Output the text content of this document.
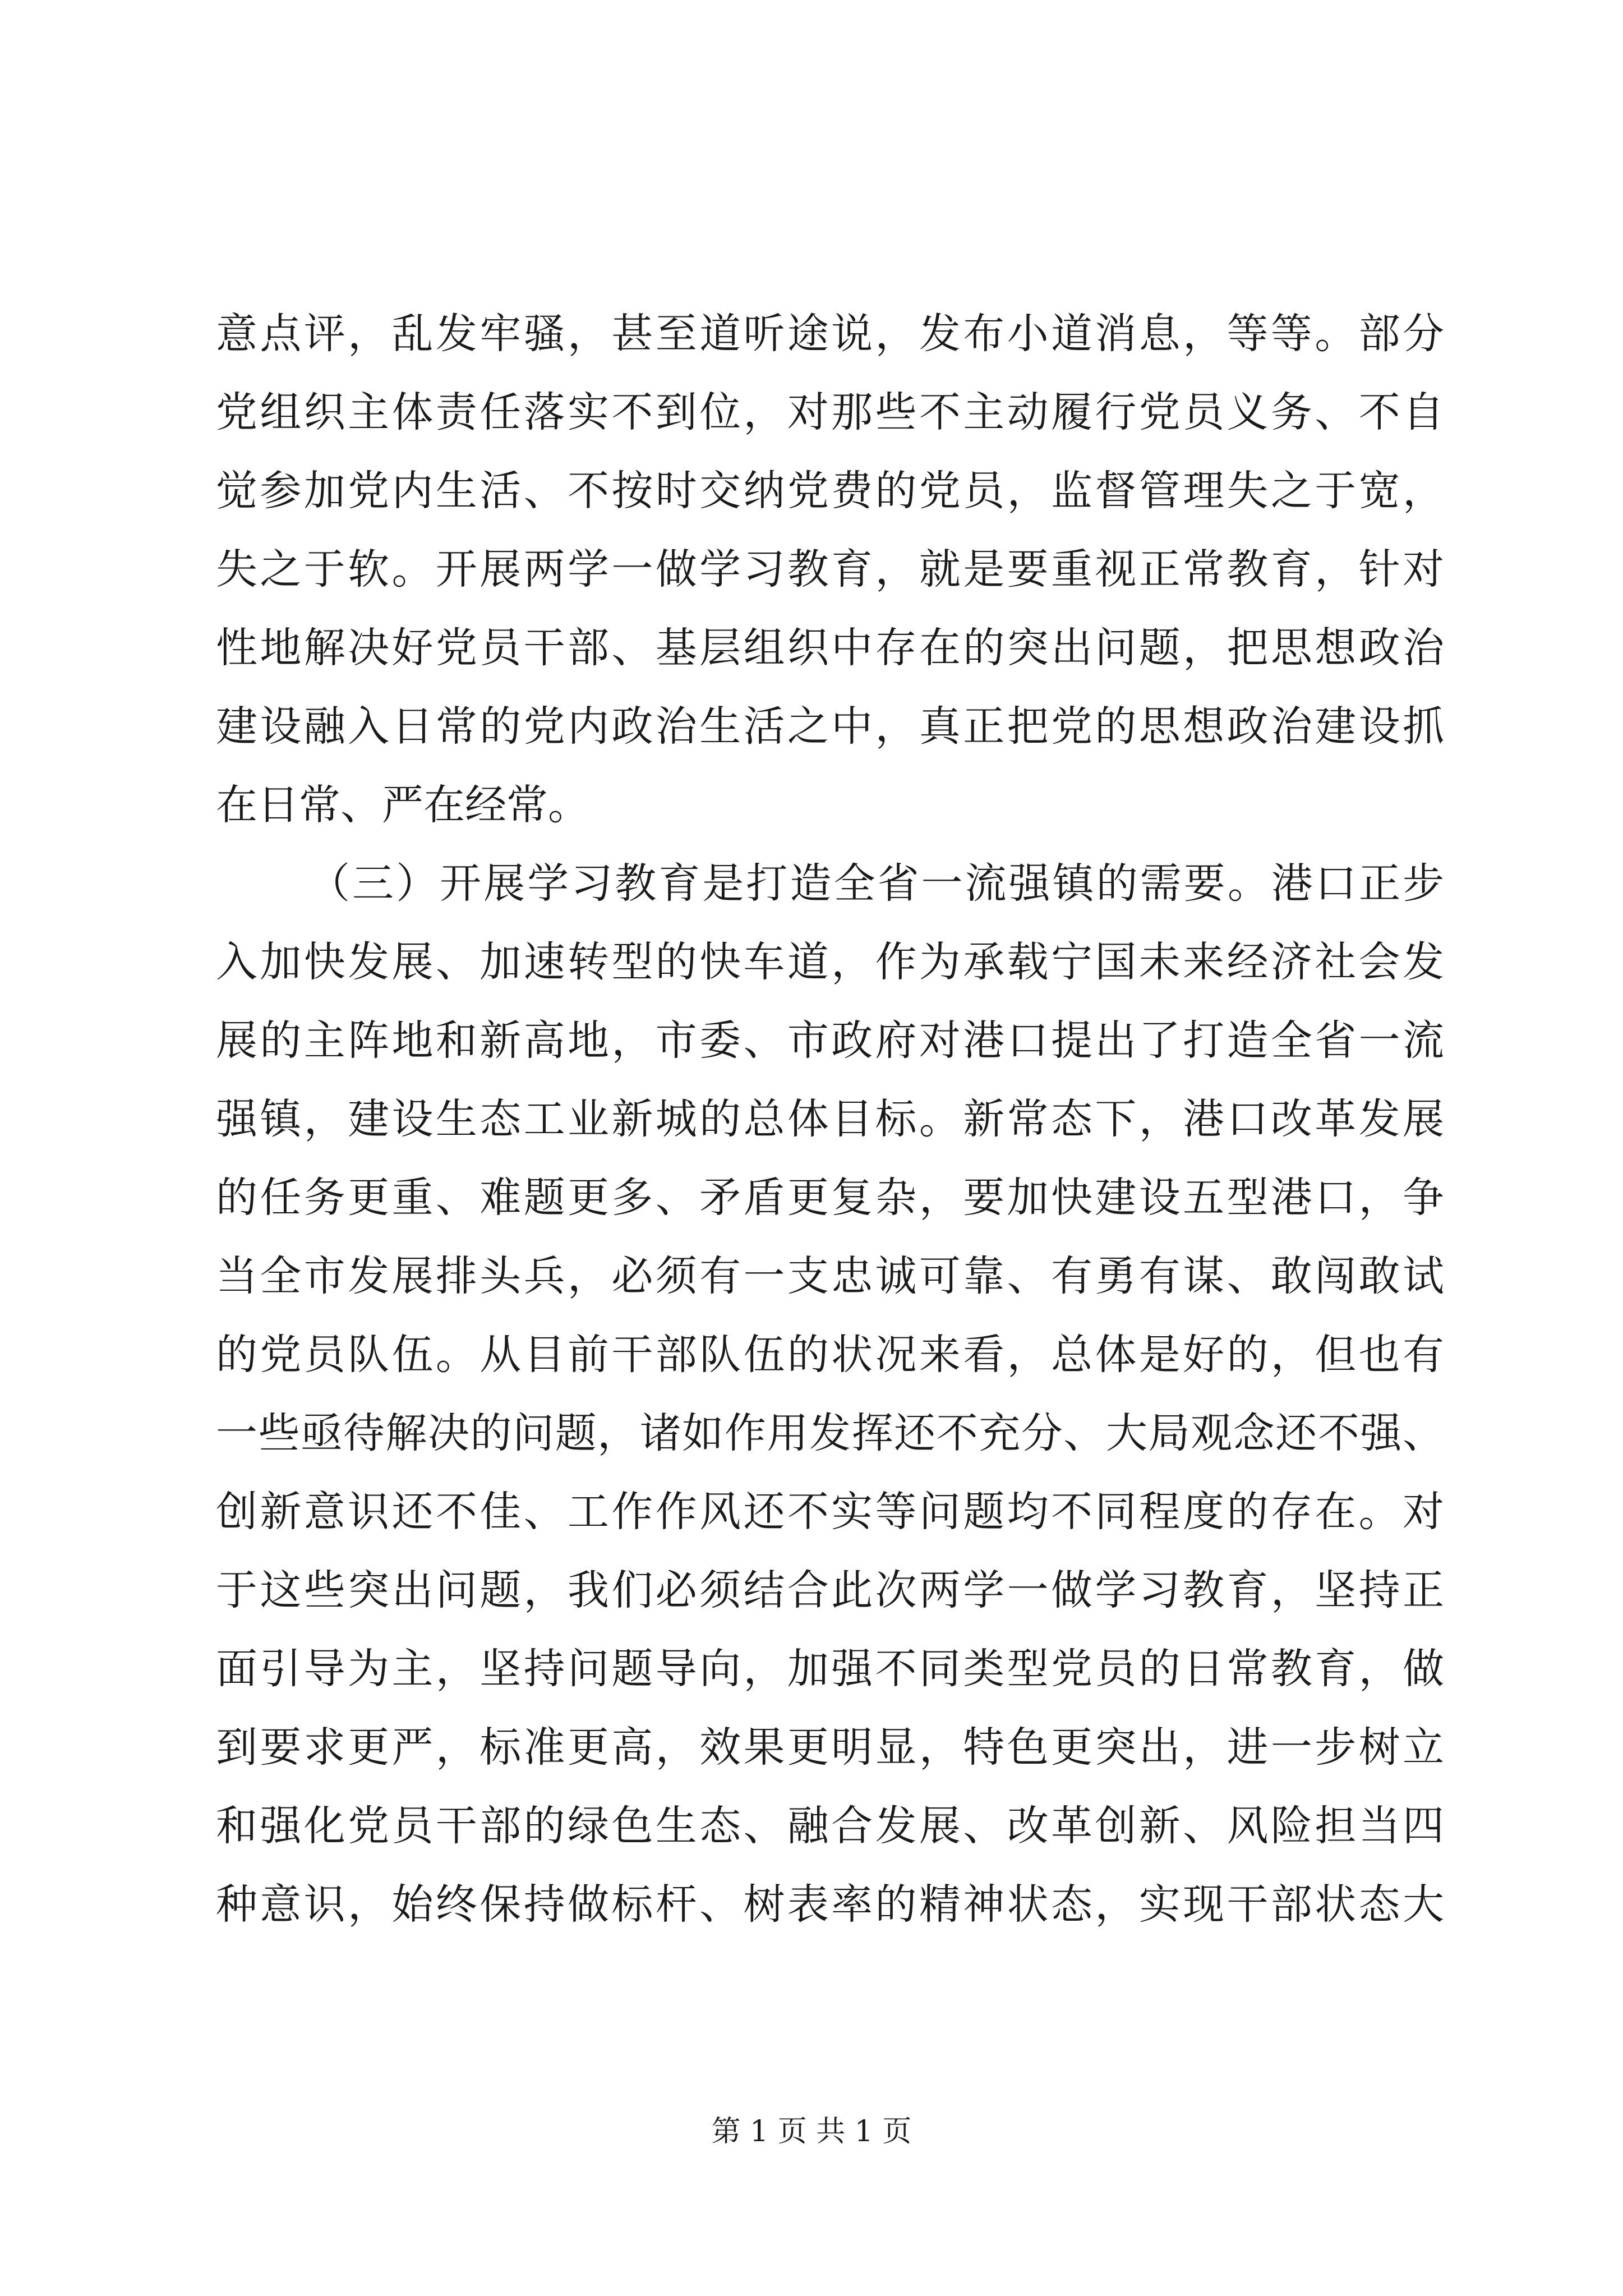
意点评，乱发牢骚，甚至道听途说，发布小道消息，等等。部分
党组织主体责任落实不到位，对那些不主动履行党员义务、不自
觉参加党内生活、不按时交纳党费的党员，监督管理失之于宽，
失之于软。开展两学一做学习教育，就是要重视正常教育，针对
性地解决好党员干部、基层组织中存在的突出问题，把思想政治
建设融入日常的党内政治生活之中，真正把党的思想政治建设抓
在日常、严在经常。
（三）开展学习教育是打造全省一流强镇的需要。港口正步
入加快发展、加速转型的快车道，作为承载宁国未来经济社会发
展的主阵地和新高地，市委、市政府对港口提出了打造全省一流
强镇，建设生态工业新城的总体目标。新常态下，港口改革发展
的任务更重、难题更多、矛盾更复杂，要加快建设五型港口，争
当全市发展排头兵，必须有一支忠诚可靠、有勇有谋、敢闯敢试
的党员队伍。从目前干部队伍的状况来看，总体是好的，但也有
一些亟待解决的问题，诸如作用发挥还不充分、大局观念还不强、
创新意识还不佳、工作作风还不实等问题均不同程度的存在。对
于这些突出问题，我们必须结合此次两学一做学习教育，坚持正
面引导为主，坚持问题导向，加强不同类型党员的日常教育，做
到要求更严，标准更高，效果更明显，特色更突出，进一步树立
和强化党员干部的绿色生态、融合发展、改革创新、风险担当四
种意识，始终保持做标杆、树表率的精神状态，实现干部状态大
第 1 页 共 1 页
